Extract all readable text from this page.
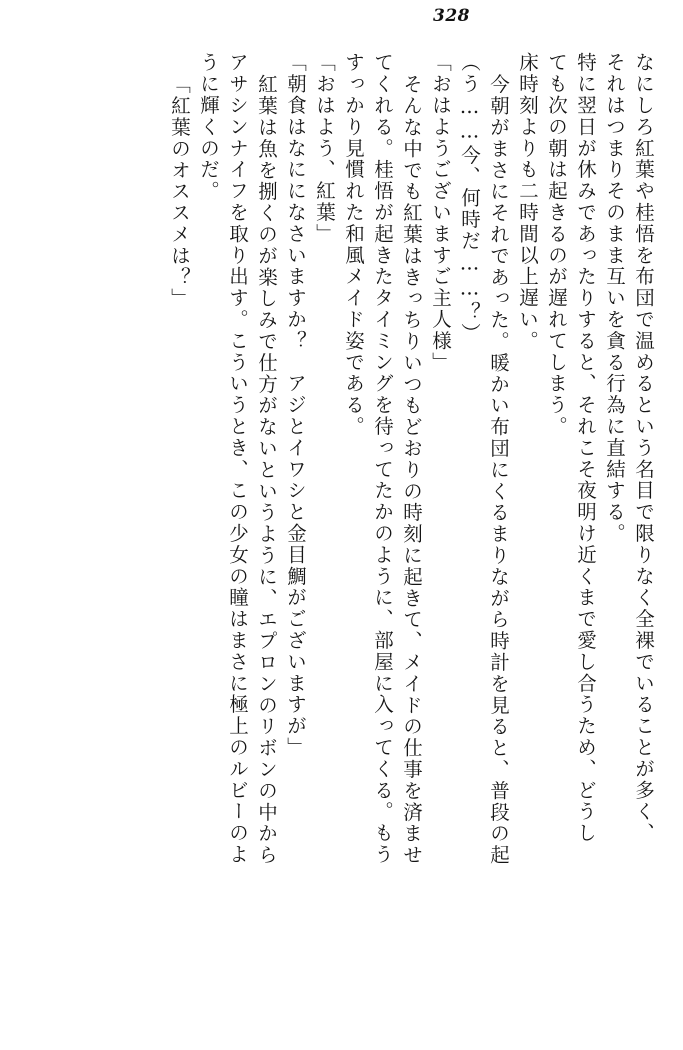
328
なにしろ紅葉や桂悟を布団で温めるという名目で限りなく全裸でいることが多く、
それはつまりそのまま互いを貪る行為に直結する。
特に翌日が休みであったりすると、それこそ夜明け近くまで愛し合うため、どうし
ても次の朝は起きるのが遅れてしまう。
床時刻よりも二時間以上遅い。
今朝がまさにそれであった。暖かい布団にくるまりながら時計を見ると、普段の起
（う……今、何時だ……？）
「おはようございますご主人様」
そんな中でも紅葉はきっちりいつもどおりの時刻に起きて、メイドの仕事を済ませ
てくれる。桂悟が起きたタイミングを待ってたかのように、部屋に入ってくる。もう
すっかり見慣れた和風メイド姿である。
「おはよう、紅葉」
「朝食はなにになさいますか？　アジとイワシと金目鯛がございますが」
紅葉は魚を捌くのが楽しみで仕方がないというように、エプロンのリボンの中から
アサシンナイフを取り出す。こういうとき、この少女の瞳はまさに極上のルビーのよ
うに輝くのだ。
「紅葉のオススメは？」
